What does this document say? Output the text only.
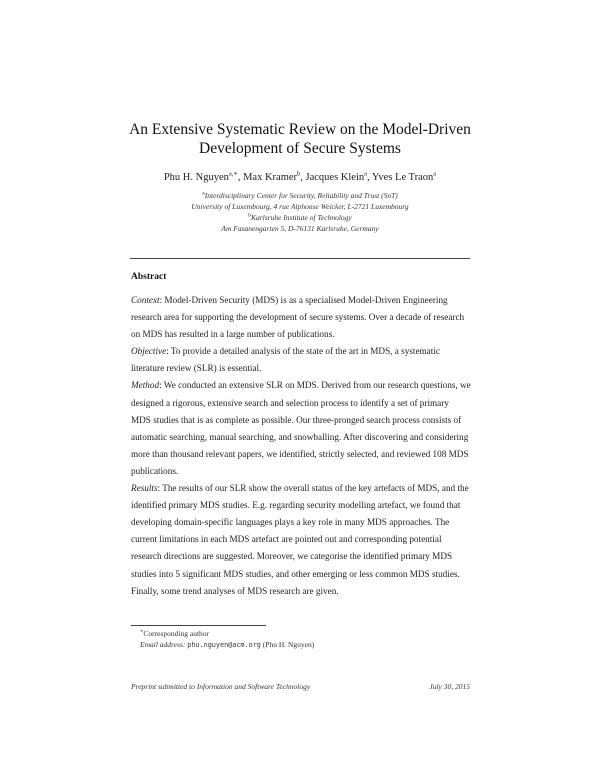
An Extensive Systematic Review on the Model-Driven
Development of Secure Systems
Phu H. Nguyen$^{a,∗}$, Max Kramer$^b$, Jacques Klein$^a$, Yves Le Traon$^a$
$^a$Interdisciplinary Center for Security, Reliability and Trust (SnT)
University of Luxembourg, 4 rue Alphonse Weicker, L-2721 Luxembourg
$^b$Karlsruhe Institute of Technology
Am Fasanengarten 5, D-76131 Karlsruhe, Germany
Abstract

Context: Model-Driven Security (MDS) is as a specialised Model-Driven Engineering research area for supporting the development of secure systems. Over a decade of research on MDS has resulted in a large number of publications.

Objective: To provide a detailed analysis of the state of the art in MDS, a systematic literature review (SLR) is essential.

Method: We conducted an extensive SLR on MDS. Derived from our research questions, we designed a rigorous, extensive search and selection process to identify a set of primary MDS studies that is as complete as possible. Our three-pronged search process consists of automatic searching, manual searching, and snowballing. After discovering and considering more than thousand relevant papers, we identified, strictly selected, and reviewed 108 MDS publications.

Results: The results of our SLR show the overall status of the key artefacts of MDS, and the identified primary MDS studies. E.g. regarding security modelling artefact, we found that developing domain-specific languages plays a key role in many MDS approaches. The current limitations in each MDS artefact are pointed out and corresponding potential research directions are suggested. Moreover, we categorise the identified primary MDS studies into 5 significant MDS studies, and other emerging or less common MDS studies. Finally, some trend analyses of MDS research are given.

∗Corresponding author
Email address: phu.nguyen@acm.org (Phu H. Nguyen)
Preprint submitted to Information and Software Technology	July 30, 2015
